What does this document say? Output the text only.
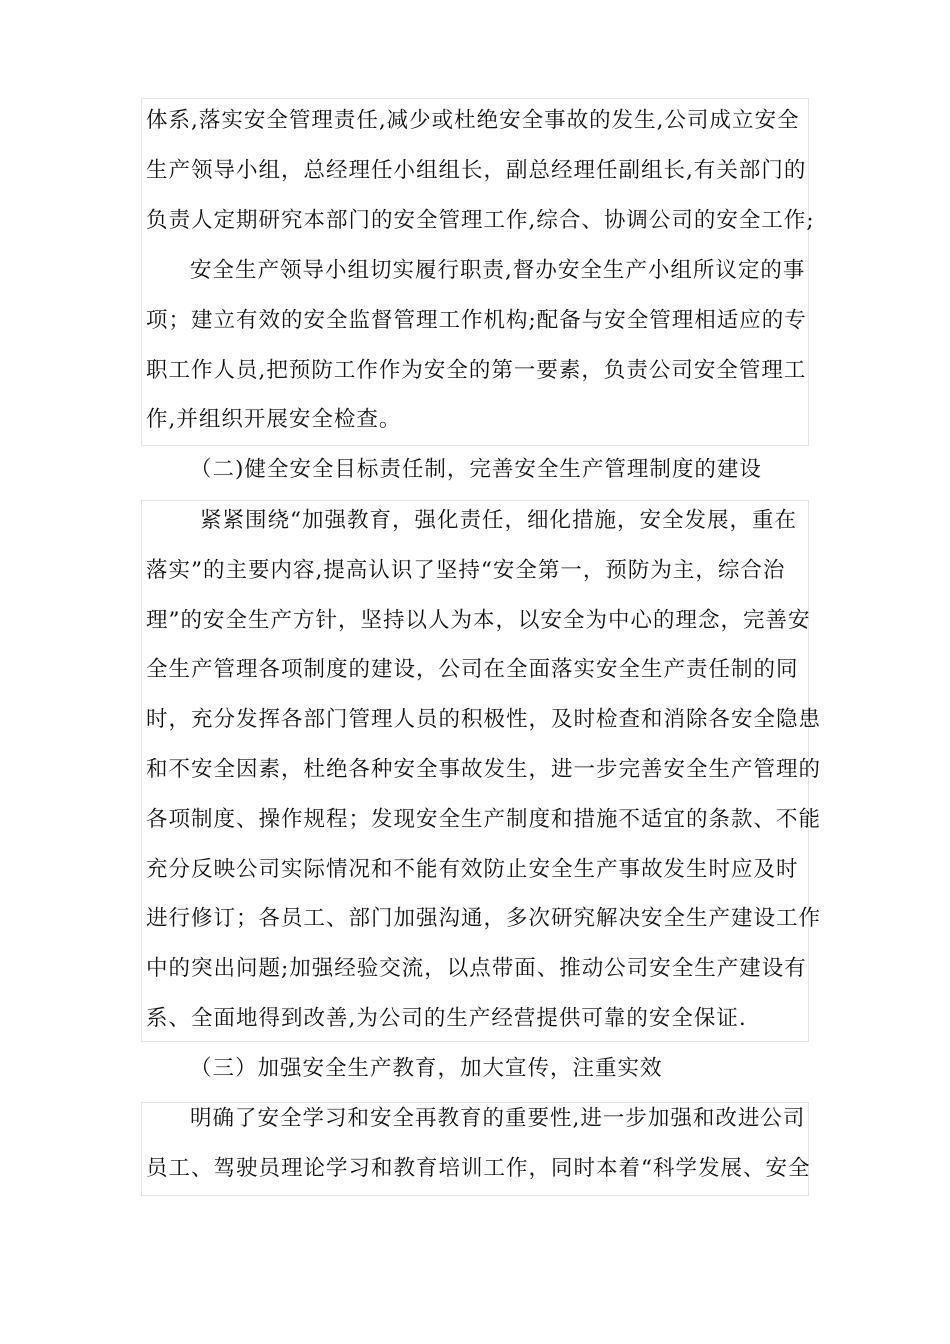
体系,落实安全管理责任,减少或杜绝安全事故的发生,公司成立安全
生产领导小组，总经理任小组组长，副总经理任副组长,有关部门的
负责人定期研究本部门的安全管理工作,综合、协调公司的安全工作;
安全生产领导小组切实履行职责,督办安全生产小组所议定的事
项；建立有效的安全监督管理工作机构;配备与安全管理相适应的专
职工作人员,把预防工作作为安全的第一要素，负责公司安全管理工
作,并组织开展安全检查。
（二)健全安全目标责任制，完善安全生产管理制度的建设
紧紧围绕“加强教育，强化责任，细化措施，安全发展，重在
落实”的主要内容,提高认识了坚持“安全第一，预防为主，综合治
理”的安全生产方针，坚持以人为本，以安全为中心的理念，完善安
全生产管理各项制度的建设，公司在全面落实安全生产责任制的同
时，充分发挥各部门管理人员的积极性，及时检查和消除各安全隐患
和不安全因素，杜绝各种安全事故发生，进一步完善安全生产管理的
各项制度、操作规程；发现安全生产制度和措施不适宜的条款、不能
充分反映公司实际情况和不能有效防止安全生产事故发生时应及时
进行修订；各员工、部门加强沟通，多次研究解决安全生产建设工作
中的突出问题;加强经验交流，以点带面、推动公司安全生产建设有
系、全面地得到改善,为公司的生产经营提供可靠的安全保证.
（三）加强安全生产教育，加大宣传，注重实效
明确了安全学习和安全再教育的重要性,进一步加强和改进公司
员工、驾驶员理论学习和教育培训工作，同时本着“科学发展、安全
